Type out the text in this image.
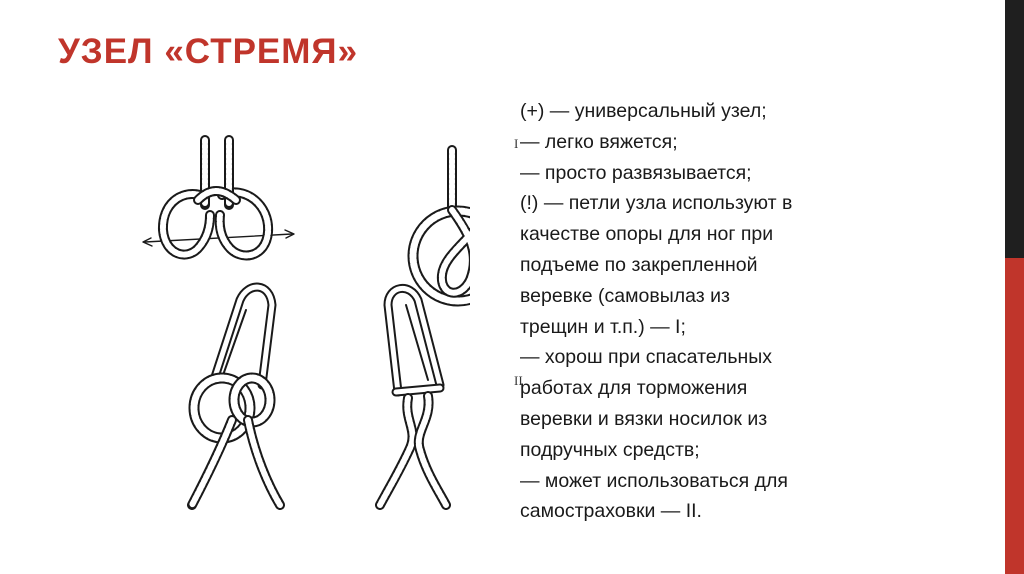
УЗЕЛ «СТРЕМЯ»
I
II
(+) — универсальный узел;
— легко вяжется;
— просто развязывается;
(!) — петли узла используют в
качестве опоры для ног при
подъеме по закрепленной
веревке (самовылаз из
трещин и т.п.) — I;
— хорош при спасательных
работах для торможения
веревки и вязки носилок из
подручных средств;
— может использоваться для
самостраховки — II.
